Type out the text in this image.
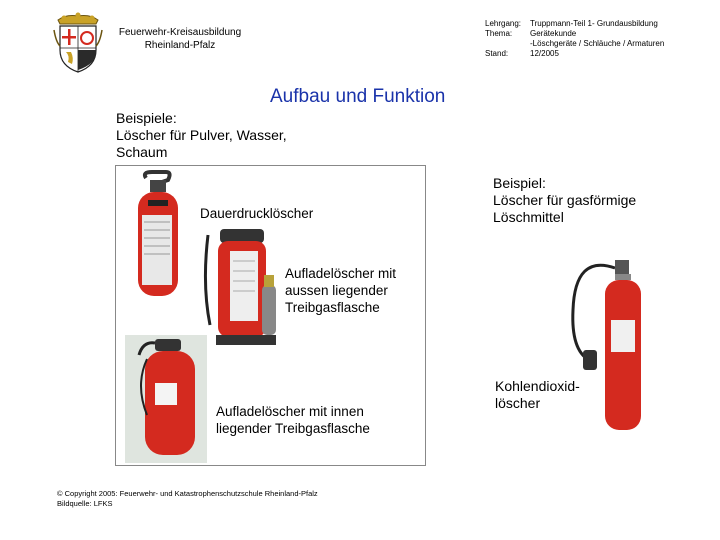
Feuerwehr-Kreisausbildung
Rheinland-Pfalz
Lehrgang:	Truppmann-Teil 1- Grundausbildung
Thema:	Gerätekunde
-Löschgeräte / Schläuche / Armaturen
Stand:	12/2005
Aufbau und Funktion
Beispiele:
Löscher für Pulver, Wasser,
Schaum
Dauerdrucklöscher
Aufladelöscher mit
aussen liegender
Treibgasflasche
Aufladelöscher mit innen
liegender Treibgasflasche
Beispiel:
Löscher für gasförmige
Löschmittel
Kohlendioxid-
löscher
© Copyright 2005: Feuerwehr- und Katastrophenschutzschule Rheinland-Pfalz
Bildquelle: LFKS
